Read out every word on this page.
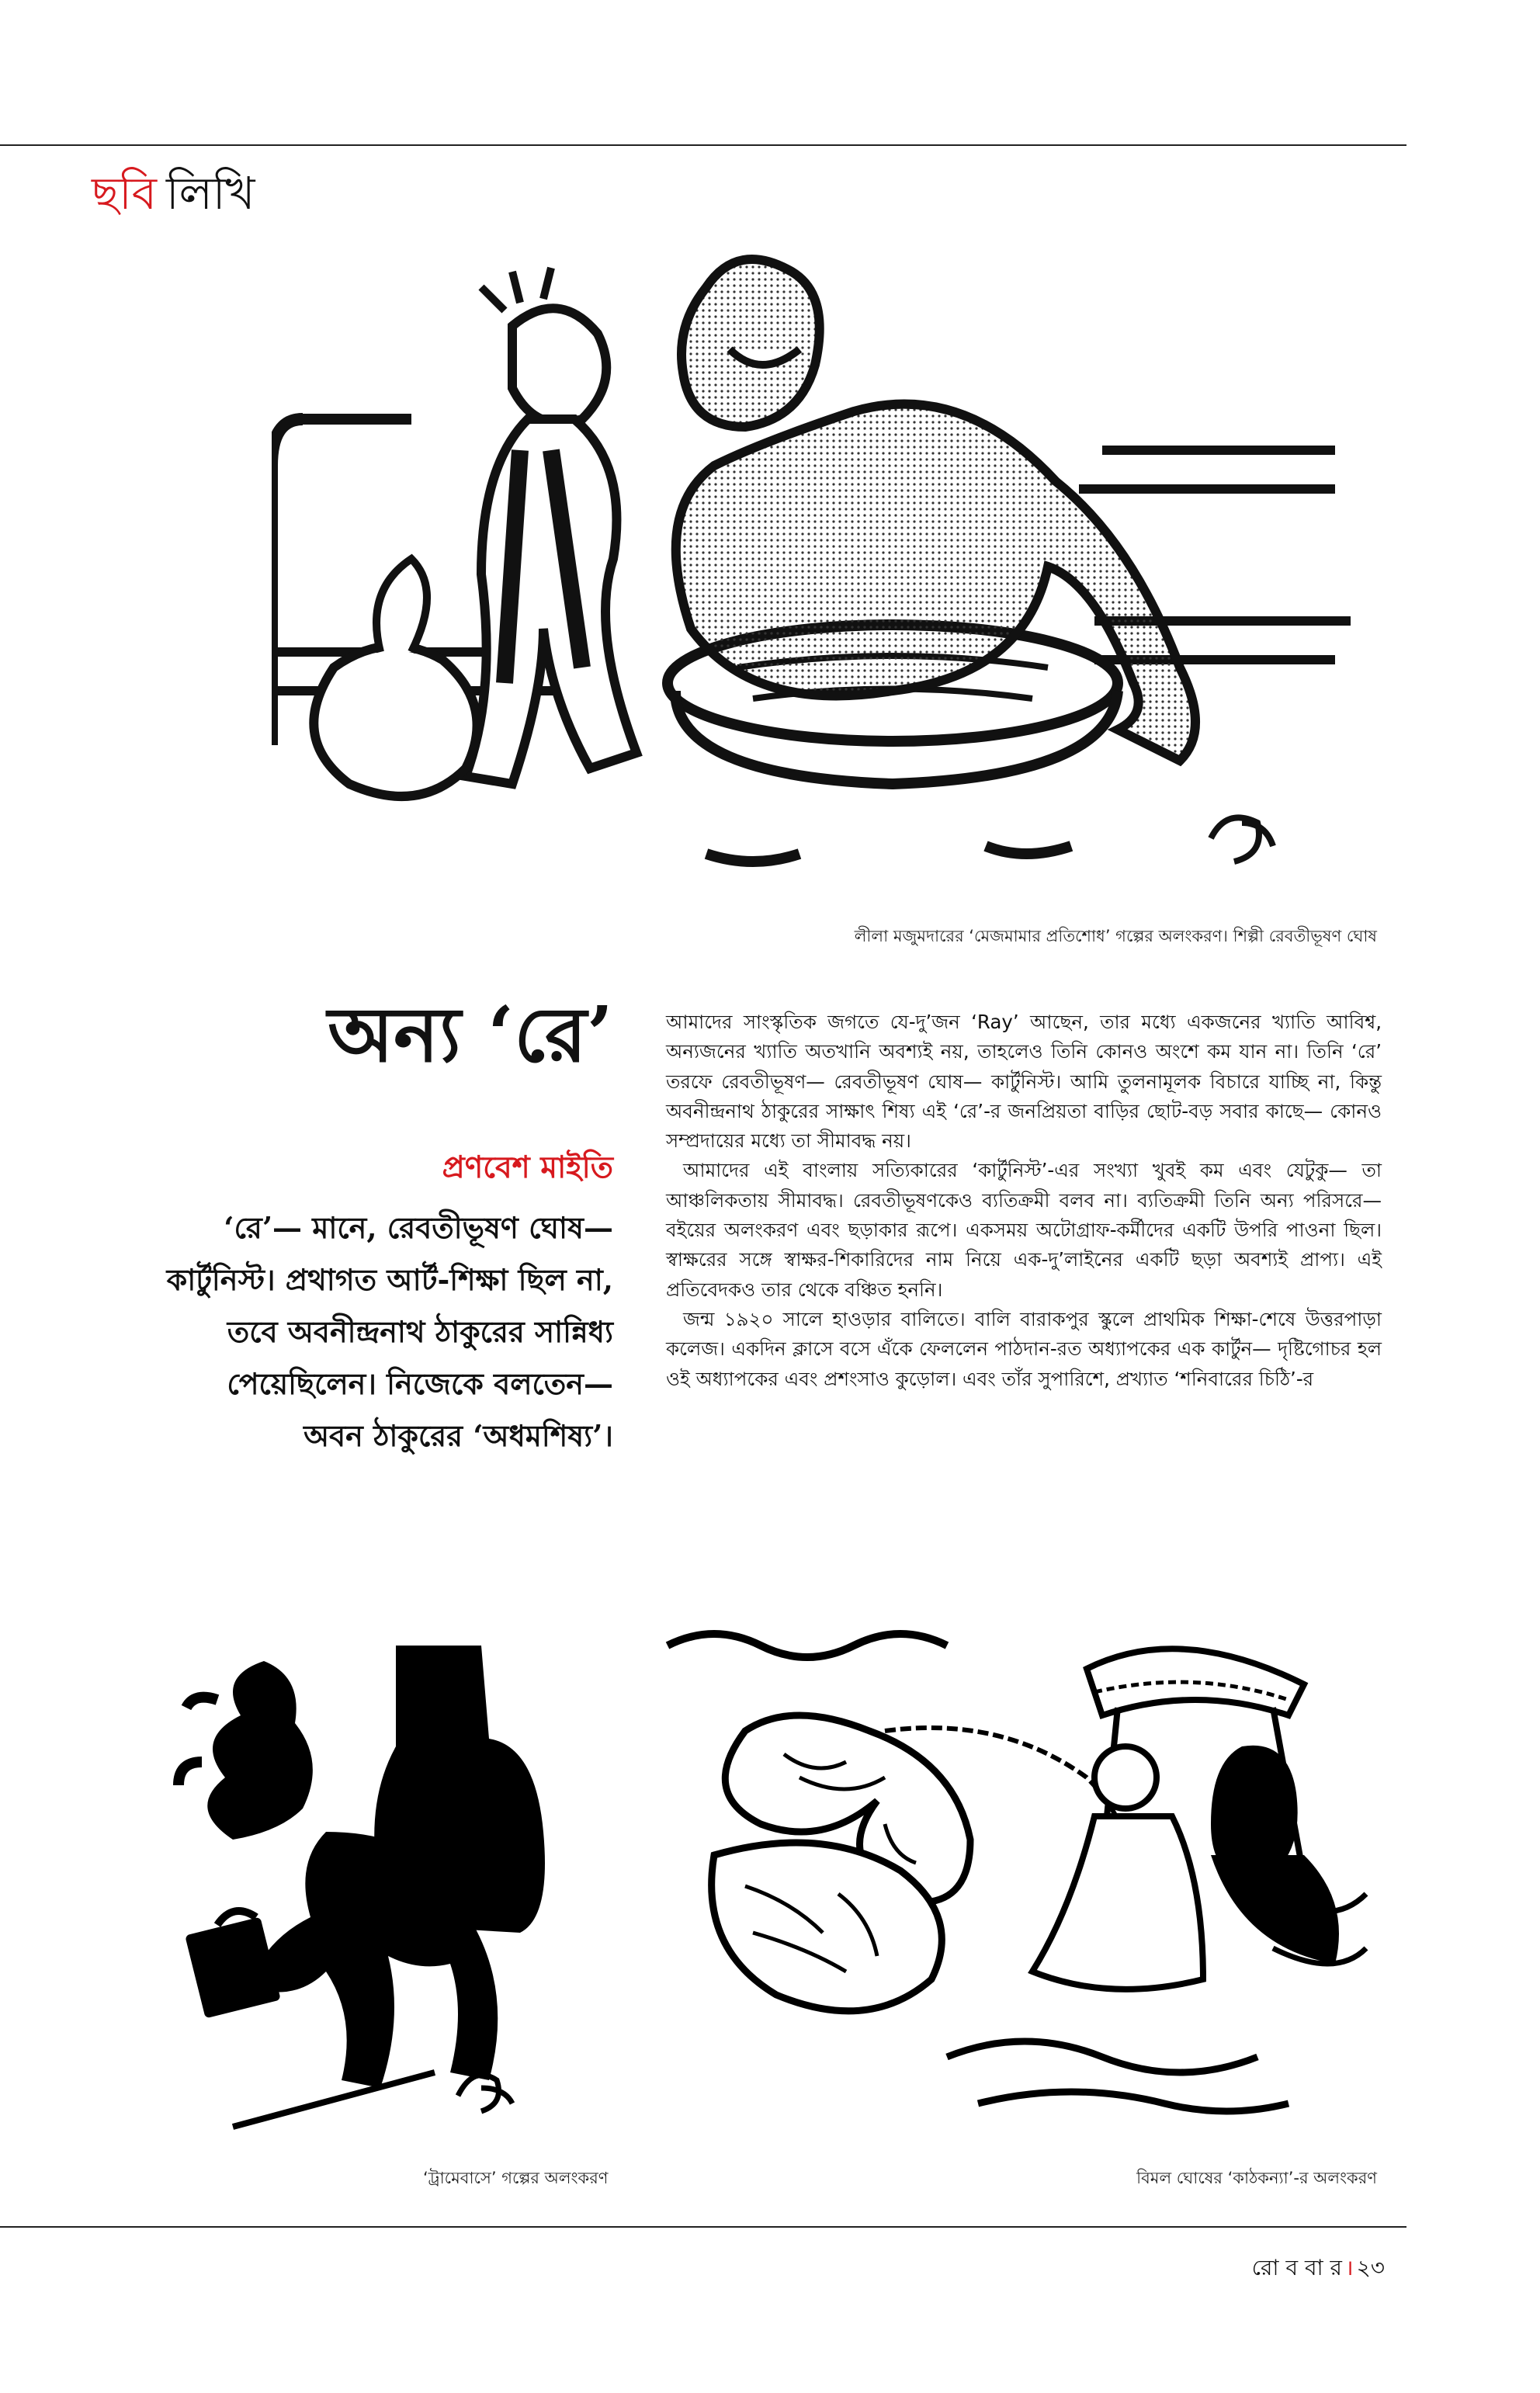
ছবি লিখি
লীলা মজুমদারের ‘মেজমামার প্রতিশোধ’ গল্পের অলংকরণ। শিল্পী রেবতীভূষণ ঘোষ
অন্য ‘রে’
প্রণবেশ মাইতি
‘রে’— মানে, রেবতীভূষণ ঘোষ— কার্টুনিস্ট। প্রথাগত আর্ট-শিক্ষা ছিল না, তবে অবনীন্দ্রনাথ ঠাকুরের সান্নিধ্য পেয়েছিলেন। নিজেকে বলতেন— অবন ঠাকুরের ‘অধমশিষ্য’।

আমাদের সাংস্কৃতিক জগতে যে-দু’জন ‘Ray’ আছেন, তার মধ্যে একজনের খ্যাতি আবিশ্ব, অন্যজনের খ্যাতি অতখানি অবশ্যই নয়, তাহলেও তিনি কোনও অংশে কম যান না। তিনি ‘রে’ তরফে রেবতীভূষণ— রেবতীভূষণ ঘোষ— কার্টুনিস্ট। আমি তুলনামূলক বিচারে যাচ্ছি না, কিন্তু অবনীন্দ্রনাথ ঠাকুরের সাক্ষাৎ শিষ্য এই ‘রে’-র জনপ্রিয়তা বাড়ির ছোট-বড় সবার কাছে— কোনও সম্প্রদায়ের মধ্যে তা সীমাবদ্ধ নয়।

আমাদের এই বাংলায় সত্যিকারের ‘কার্টুনিস্ট’-এর সংখ্যা খুবই কম এবং যেটুকু— তা আঞ্চলিকতায় সীমাবদ্ধ। রেবতীভূষণকেও ব্যতিক্রমী বলব না। ব্যতিক্রমী তিনি অন্য পরিসরে— বইয়ের অলংকরণ এবং ছড়াকার রূপে। একসময় অটোগ্রাফ-কর্মীদের একটি উপরি পাওনা ছিল। স্বাক্ষরের সঙ্গে স্বাক্ষর-শিকারিদের নাম নিয়ে এক-দু’লাইনের একটি ছড়া অবশ্যই প্রাপ্য। এই প্রতিবেদকও তার থেকে বঞ্চিত হননি।

জন্ম ১৯২০ সালে হাওড়ার বালিতে। বালি বারাকপুর স্কুলে প্রাথমিক শিক্ষা-শেষে উত্তরপাড়া কলেজ। একদিন ক্লাসে বসে এঁকে ফেললেন পাঠদান-রত অধ্যাপকের এক কার্টুন— দৃষ্টিগোচর হল ওই অধ্যাপকের এবং প্রশংসাও কুড়োল। এবং তাঁর সুপারিশে, প্রখ্যাত ‘শনিবারের চিঠি’-র

‘ট্রামেবাসে’ গল্পের অলংকরণ	বিমল ঘোষের ‘কাঠকন্যা’-র অলংকরণ
রো ব বা র । ২৩
